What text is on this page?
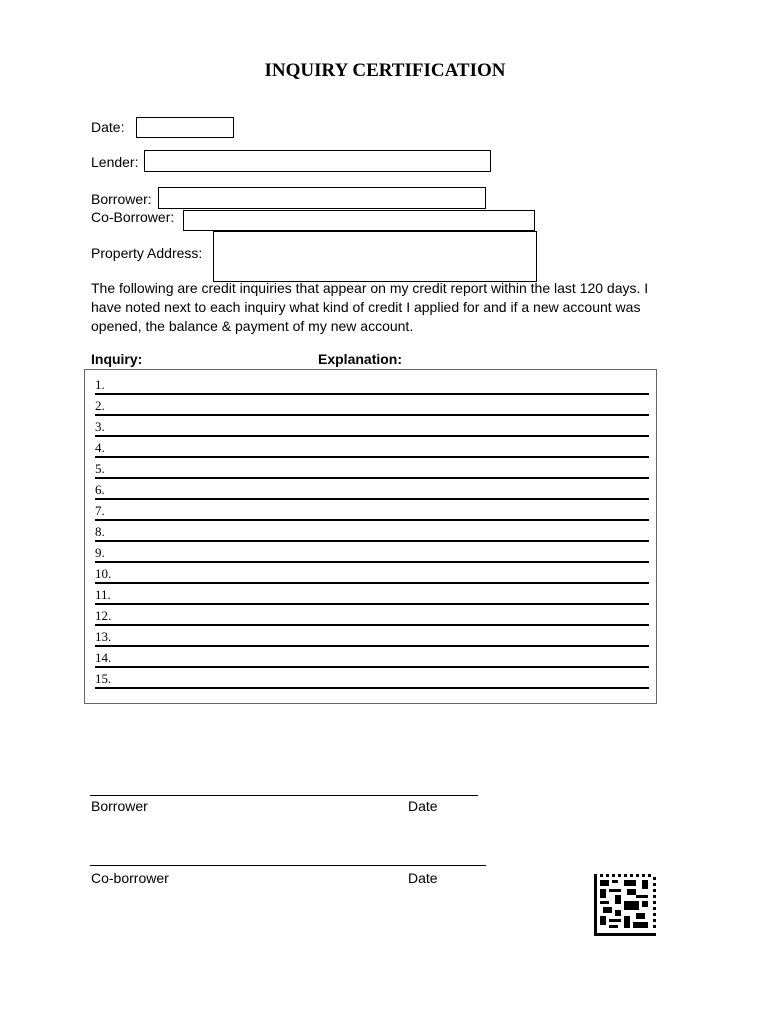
INQUIRY CERTIFICATION
Date:
Lender:
Borrower:
Co-Borrower:
Property Address:
The following are credit inquiries that appear on my credit report within the last 120 days. I have noted next to each inquiry what kind of credit I applied for and if a new account was opened, the balance & payment of my new account.
Inquiry:	Explanation:
1.
2.
3.
4.
5.
6.
7.
8.
9.
10.
11.
12.
13.
14.
15.
Borrower	Date
Co-borrower	Date
